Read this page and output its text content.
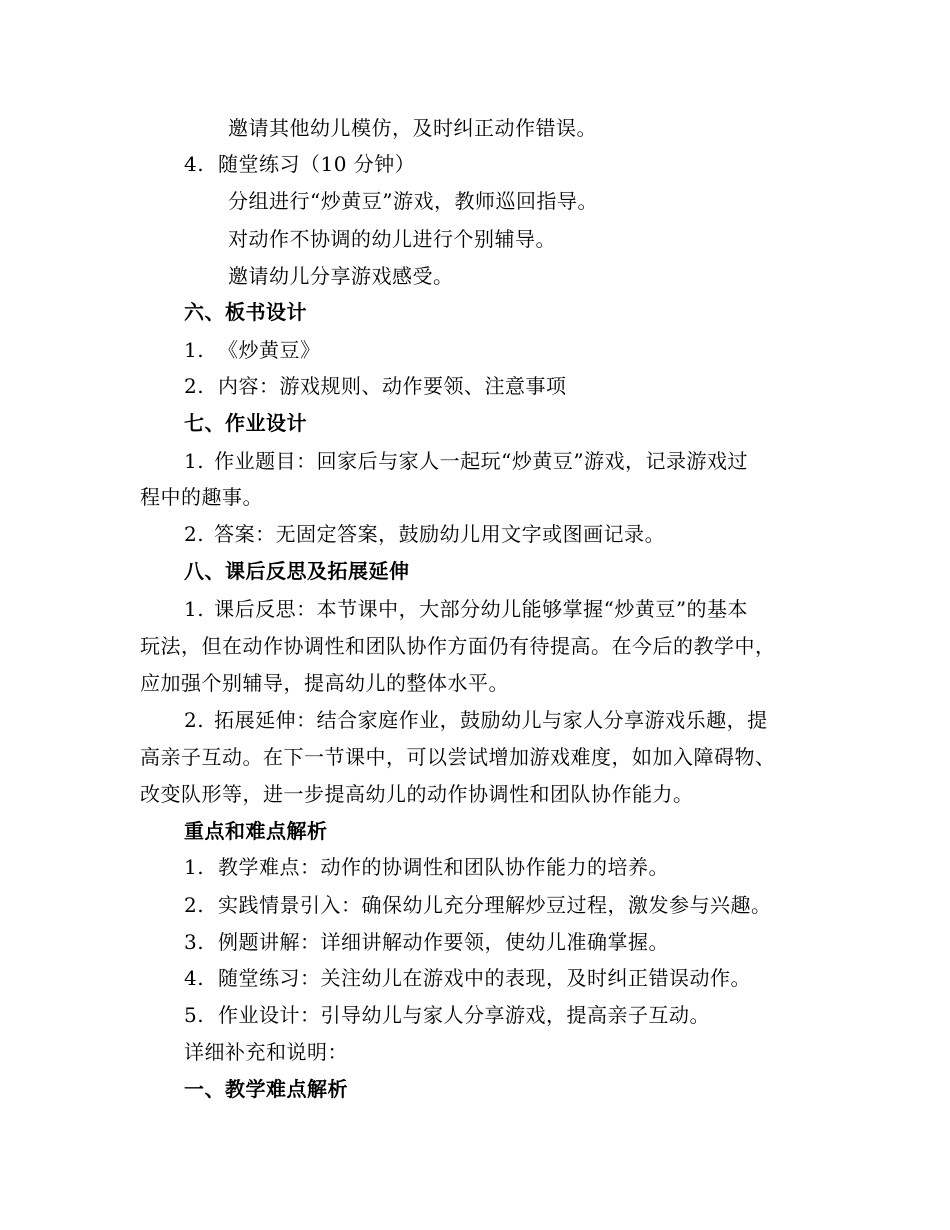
邀请其他幼儿模仿，及时纠正动作错误。
4. 随堂练习（10 分钟）
分组进行“炒黄豆”游戏，教师巡回指导。
对动作不协调的幼儿进行个别辅导。
邀请幼儿分享游戏感受。
六、板书设计
1. 《炒黄豆》
2. 内容：游戏规则、动作要领、注意事项
七、作业设计
1. 作业题目：回家后与家人一起玩“炒黄豆”游戏，记录游戏过
程中的趣事。
2. 答案：无固定答案，鼓励幼儿用文字或图画记录。
八、课后反思及拓展延伸
1. 课后反思：本节课中，大部分幼儿能够掌握“炒黄豆”的基本
玩法，但在动作协调性和团队协作方面仍有待提高。在今后的教学中，
应加强个别辅导，提高幼儿的整体水平。
2. 拓展延伸：结合家庭作业，鼓励幼儿与家人分享游戏乐趣，提
高亲子互动。在下一节课中，可以尝试增加游戏难度，如加入障碍物、
改变队形等，进一步提高幼儿的动作协调性和团队协作能力。
重点和难点解析
1. 教学难点：动作的协调性和团队协作能力的培养。
2. 实践情景引入：确保幼儿充分理解炒豆过程，激发参与兴趣。
3. 例题讲解：详细讲解动作要领，使幼儿准确掌握。
4. 随堂练习：关注幼儿在游戏中的表现，及时纠正错误动作。
5. 作业设计：引导幼儿与家人分享游戏，提高亲子互动。
详细补充和说明：
一、教学难点解析
